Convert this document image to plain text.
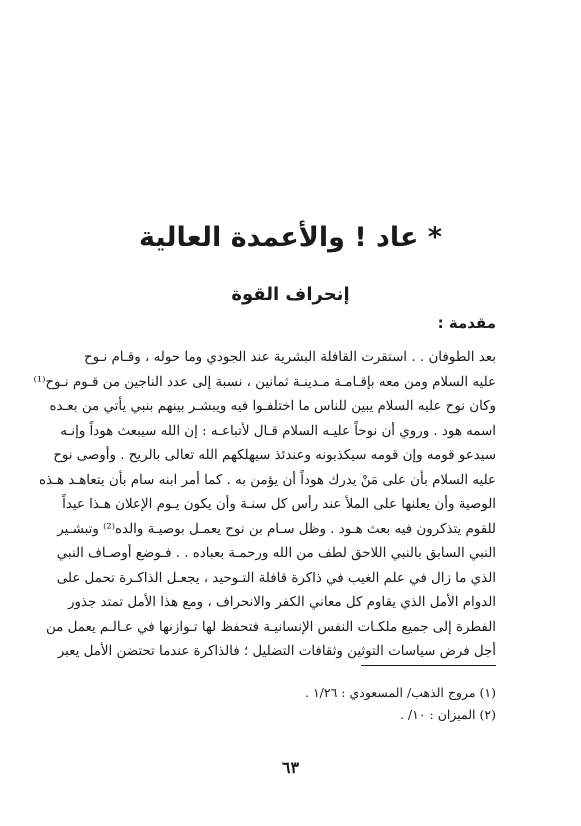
* عاد ! والأعمدة العالية
إنحراف القوة
مقدمة :
بعد الطوفان . . استقرت القافلة البشرية عند الجودي وما حوله ، وقـام نـوح
عليه السلام ومن معه بإقـامـة مـدينـة ثمانين ، نسبة إلى عدد الناجين من قـوم نـوح⁽¹⁾
وكان نوح عليه السلام يبين للناس ما اختلفـوا فيه ويبشـر بينهم بنبي يأتي من بعـده
اسمه هود . وروي أن نوحاً عليـه السلام قـال لأتباعـه : إن الله سيبعث هوداً وإنـه
سيدعو قومه وإن قومه سيكذبونه وعندئذ سيهلكهم الله تعالى بالريح . وأوصى نوح
عليه السلام بأن على مَنْ يدرك هوداً أن يؤمن به . كما أمر ابنه سام بأن يتعاهـد هـذه
الوصية وأن يعلنها على الملأ عند رأس كل سنـة وأن يكون يـوم الإعلان هـذا عيداً
للقوم يتذكرون فيه بعث هـود . وظل سـام بن نوح يعمـل بوصيـة والده⁽²⁾ وتبشـير
النبي السابق بالنبي اللاحق لطف من الله ورحمـة بعباده . . فـوضع أوصـاف النبي
الذي ما زال في علم الغيب في ذاكرة قافلة التـوحيد ، يجعـل الذاكـرة تحمل على
الدوام الأمل الذي يقاوم كل معاني الكفر والانحراف ، ومع هذا الأمل تمتد جذور
الفطرة إلى جميع ملكـات النفس الإنسانيـة فتحفظ لها تـوازنها في عـالـم يعمل من
أجل فرض سياسات التوثين وثقافات التضليل ؛ فالذاكرة عندما تحتضن الأمل يعبر
(١) مروج الذهب/ المسعودي : ١/٢٦ .
(٢) الميزان : ١٠/ .
٦٣
